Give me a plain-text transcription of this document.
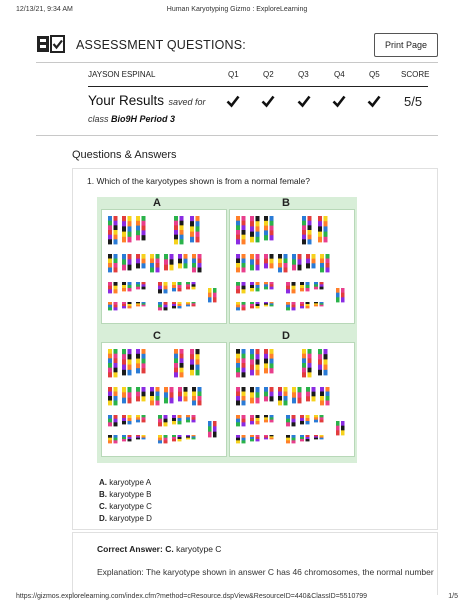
12/13/21, 9:34 AM	Human Karyotyping Gizmo : ExploreLearning
ASSESSMENT QUESTIONS:	Print Page
JAYSON ESPINAL	Q1	Q2	Q3	Q4	Q5	SCORE
Your Results saved for
class Bio9H Period 3
5/5
Questions & Answers
1. Which of the karyotypes shown is from a normal female?
A	B
C	D
A. karyotype A
B. karyotype B
C. karyotype C
D. karyotype D
Correct Answer: C. karyotype C
Explanation: The karyotype shown in answer C has 46 chromosomes, the normal number
https://gizmos.explorelearning.com/index.cfm?method=cResource.dspView&ResourceID=440&ClassID=5510799	1/5
